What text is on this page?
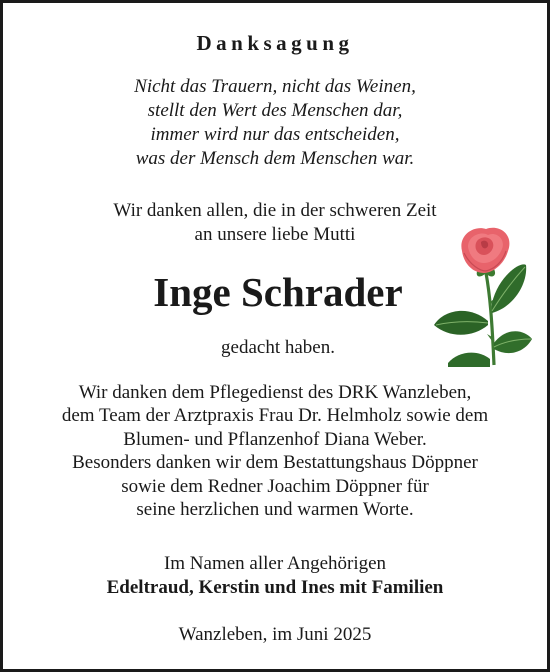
Danksagung
Nicht das Trauern, nicht das Weinen,
stellt den Wert des Menschen dar,
immer wird nur das entscheiden,
was der Mensch dem Menschen war.
Wir danken allen, die in der schweren Zeit
an unsere liebe Mutti
Inge Schrader
gedacht haben.
Wir danken dem Pflegedienst des DRK Wanzleben,
dem Team der Arztpraxis Frau Dr. Helmholz sowie dem
Blumen- und Pflanzenhof Diana Weber.
Besonders danken wir dem Bestattungshaus Döppner
sowie dem Redner Joachim Döppner für
seine herzlichen und warmen Worte.
Im Namen aller Angehörigen
Edeltraud, Kerstin und Ines mit Familien
Wanzleben, im Juni 2025
